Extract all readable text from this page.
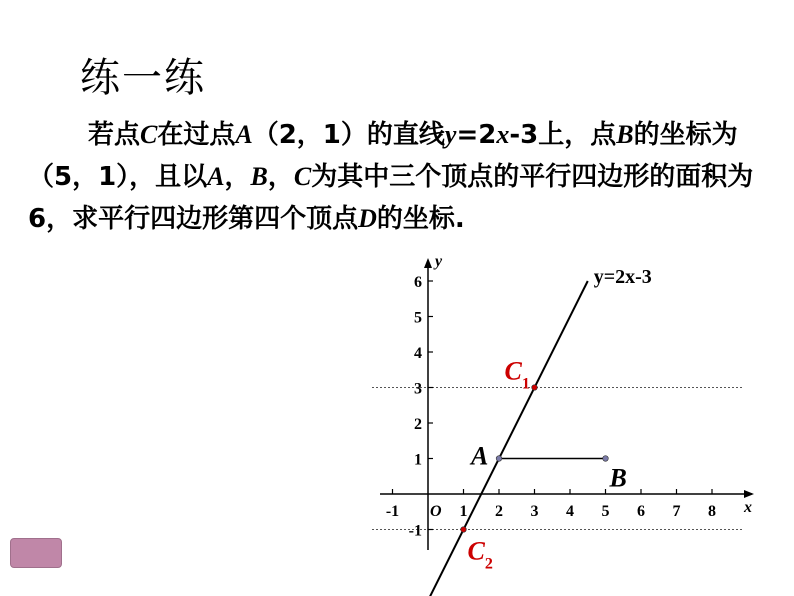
练一练
若点C在过点A（2，1）的直线y=2x-3上，点B的坐标为（5，1），且以A，B，C为其中三个顶点的平行四边形的面积为6，求平行四边形第四个顶点D的坐标.
x
y
O
-1	1 2 3 4 5 6 7 8
-1
1
2
3
4
5
6	y=2x-3
A
B
$C_1$
$C_2$
